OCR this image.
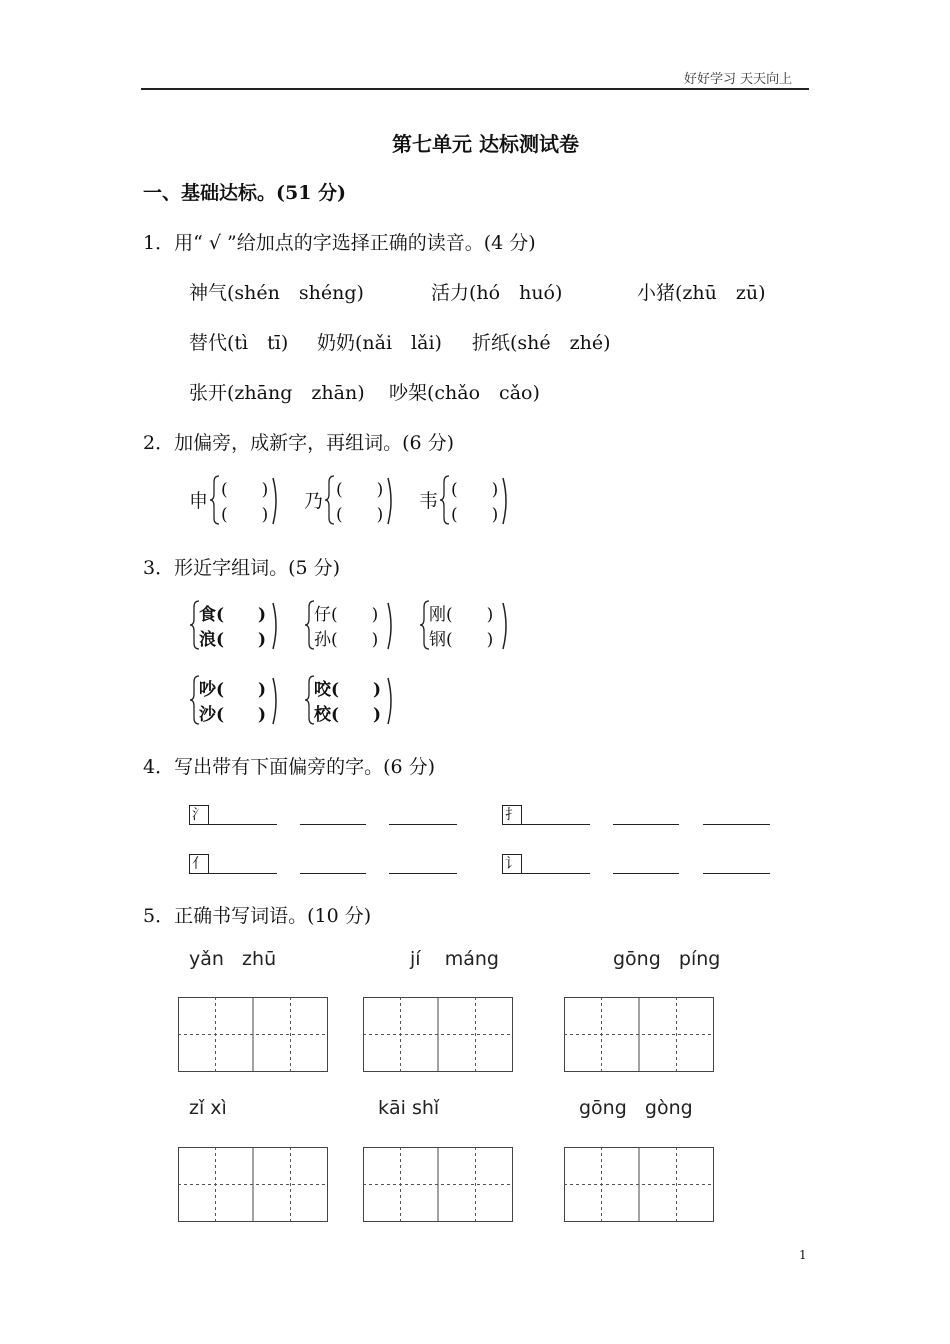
好好学习 天天向上
第七单元 达标测试卷
一、基础达标。(51 分)
1．用“ √ ”给加点的字选择正确的读音。(4 分)
神气(shén　shéng)	活力(hó　huó)	小猪(zhū　zū)
替代(tì　tī) 奶奶(nǎi　lǎi) 折纸(shé　zhé)
张开(zhāng　zhān) 吵架(chǎo　cǎo)
2．加偏旁，成新字，再组词。(6 分)
申 (　　)
(　　)
乃 (　　)
(　　)
韦 (　　)
(　　)
3．形近字组词。(5 分)
食(　　)
浪(　　)
仔(　　)
孙(　　)
刚(　　)
钢(　　)
吵(　　)
沙(　　)
咬(　　)
校(　　)
4．写出带有下面偏旁的字。(6 分)
氵	扌
亻	讠
5．正确书写词语。(10 分)
yǎn   zhū	jí    máng	gōng   píng
zǐ xì	kāi shǐ	gōng   gòng
1
